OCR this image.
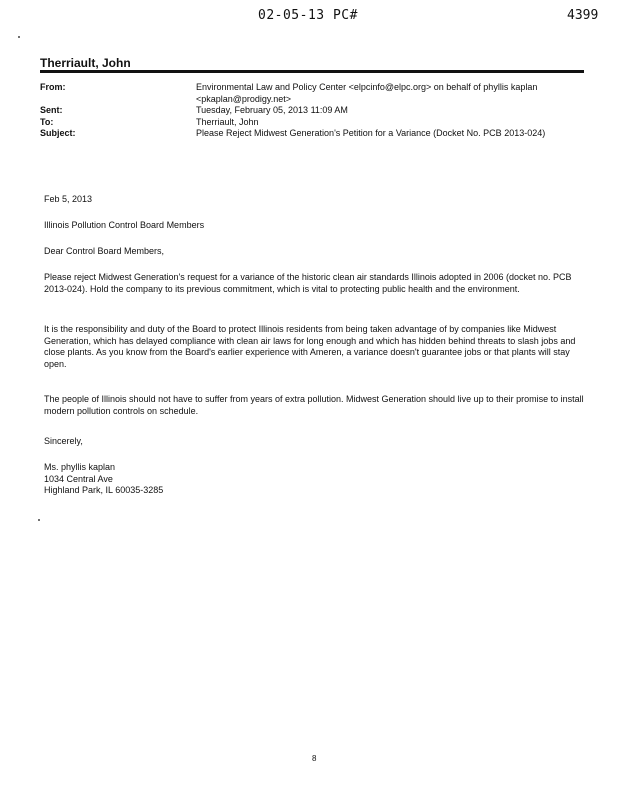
02-05-13 PC#	4399
Therriault, John
From:	Environmental Law and Policy Center <elpcinfo@elpc.org> on behalf of phyllis kaplan <pkaplan@prodigy.net>
Sent:	Tuesday, February 05, 2013 11:09 AM
To:	Therriault, John
Subject:	Please Reject Midwest Generation's Petition for a Variance (Docket No. PCB 2013-024)
Feb 5, 2013
Illinois Pollution Control Board Members
Dear Control Board Members,
Please reject Midwest Generation's request for a variance of the historic clean air standards Illinois adopted in 2006 (docket no. PCB 2013-024). Hold the company to its previous commitment, which is vital to protecting public health and the environment.
It is the responsibility and duty of the Board to protect Illinois residents from being taken advantage of by companies like Midwest Generation, which has delayed compliance with clean air laws for long enough and which has hidden behind threats to slash jobs and close plants. As you know from the Board's earlier experience with Ameren, a variance doesn't guarantee jobs or that plants will stay open.
The people of Illinois should not have to suffer from years of extra pollution. Midwest Generation should live up to their promise to install modern pollution controls on schedule.
Sincerely,
Ms. phyllis kaplan
1034 Central Ave
Highland Park, IL 60035-3285
8
